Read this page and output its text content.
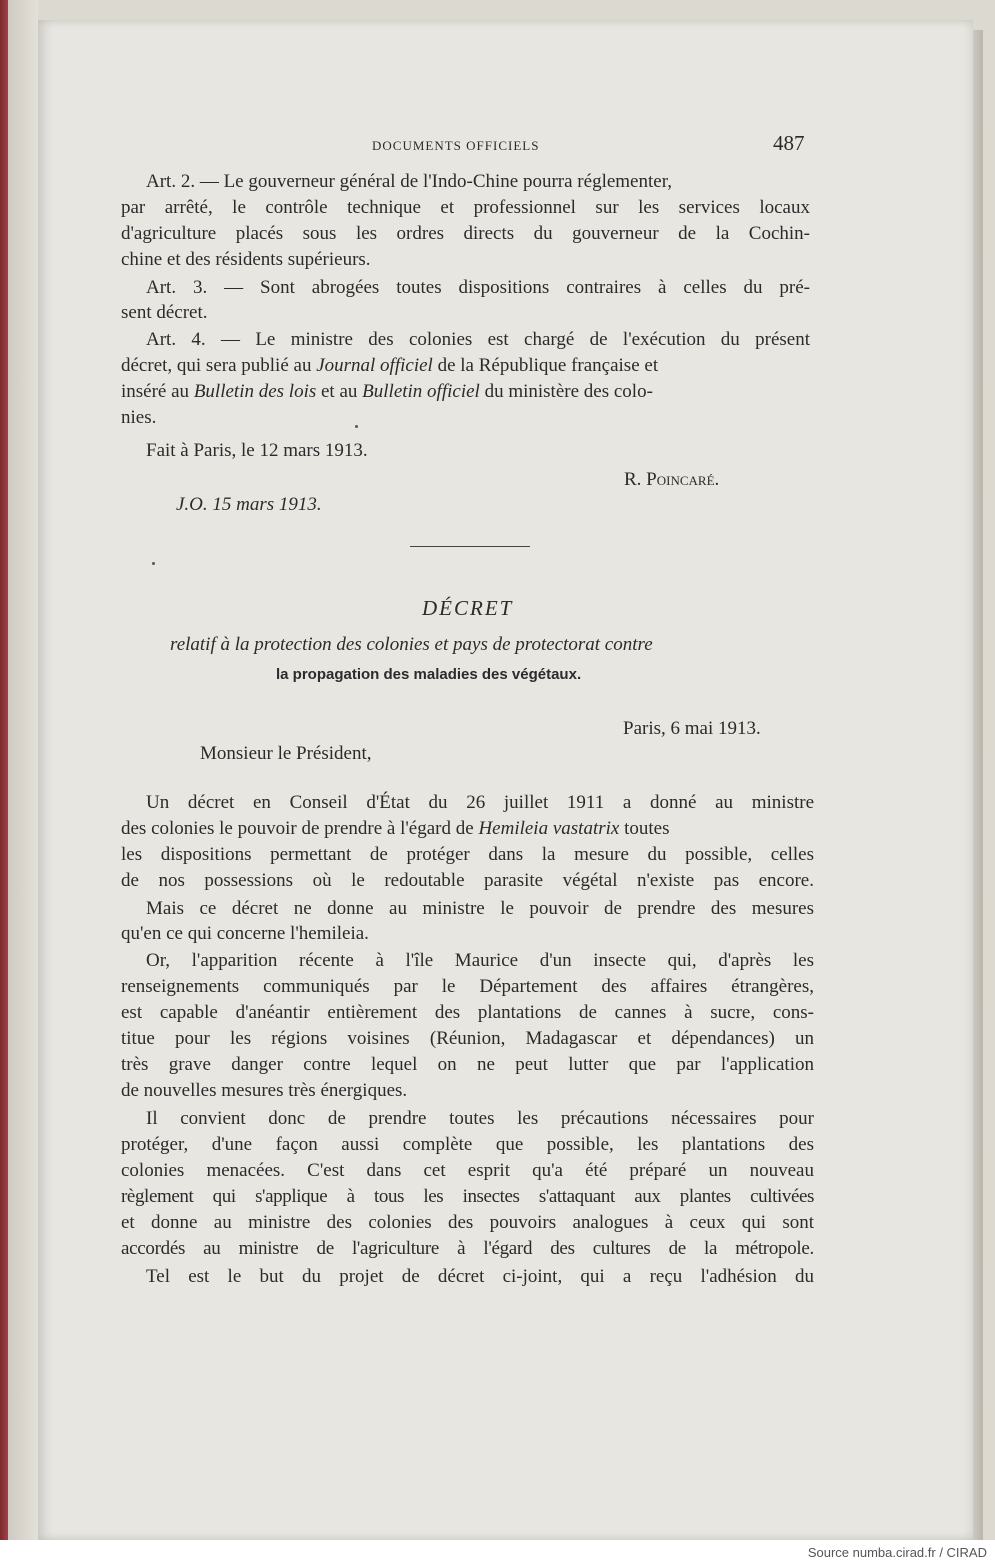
DOCUMENTS OFFICIELS	487
Art. 2. — Le gouverneur général de l'Indo-Chine pourra réglementer,
par arrêté, le contrôle technique et professionnel sur les services locaux
d'agriculture placés sous les ordres directs du gouverneur de la Cochin-
chine et des résidents supérieurs.
Art. 3. — Sont abrogées toutes dispositions contraires à celles du pré-
sent décret.
Art. 4. — Le ministre des colonies est chargé de l'exécution du présent
décret, qui sera publié au Journal officiel de la République française et
inséré au Bulletin des lois et au Bulletin officiel du ministère des colo-
nies.
Fait à Paris, le 12 mars 1913.
R. Poincaré.
J.O. 15 mars 1913.
DÉCRET
relatif à la protection des colonies et pays de protectorat contre
la propagation des maladies des végétaux.
Paris, 6 mai 1913.
Monsieur le Président,
Un décret en Conseil d'État du 26 juillet 1911 a donné au ministre
des colonies le pouvoir de prendre à l'égard de Hemileia vastatrix toutes
les dispositions permettant de protéger dans la mesure du possible, celles
de nos possessions où le redoutable parasite végétal n'existe pas encore.
Mais ce décret ne donne au ministre le pouvoir de prendre des mesures
qu'en ce qui concerne l'hemileia.
Or, l'apparition récente à l'île Maurice d'un insecte qui, d'après les
renseignements communiqués par le Département des affaires étrangères,
est capable d'anéantir entièrement des plantations de cannes à sucre, cons-
titue pour les régions voisines (Réunion, Madagascar et dépendances) un
très grave danger contre lequel on ne peut lutter que par l'application
de nouvelles mesures très énergiques.
Il convient donc de prendre toutes les précautions nécessaires pour
protéger, d'une façon aussi complète que possible, les plantations des
colonies menacées. C'est dans cet esprit qu'a été préparé un nouveau
règlement qui s'applique à tous les insectes s'attaquant aux plantes cultivées
et donne au ministre des colonies des pouvoirs analogues à ceux qui sont
accordés au ministre de l'agriculture à l'égard des cultures de la métropole.
Tel est le but du projet de décret ci-joint, qui a reçu l'adhésion du
Source numba.cirad.fr / CIRAD
